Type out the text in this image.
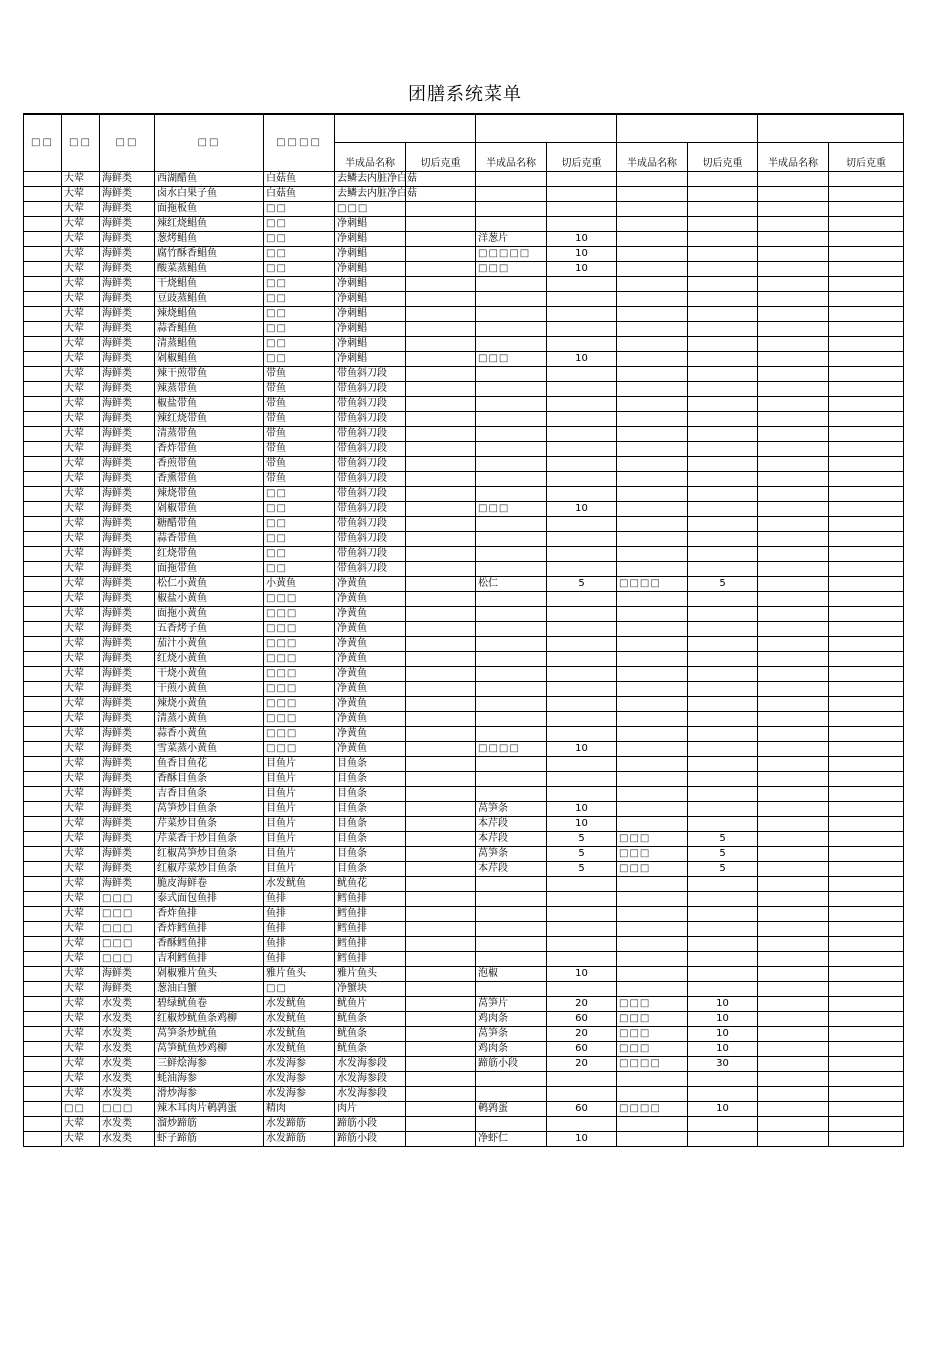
团膳系统菜单
□□	□□	□□	□□	□□□□								
					半成品名称	切后克重	半成品名称	切后克重	半成品名称	切后克重	半成品名称	切后克重
	大荤	海鲜类	西湖醋鱼	白菇鱼	去鳞去内脏净白菇							
	大荤	海鲜类	卤水白果子鱼	白菇鱼	去鳞去内脏净白菇							
	大荤	海鲜类	面拖板鱼	□□	□□□							
	大荤	海鲜类	辣红烧鲳鱼	□□	净刺鲳							
	大荤	海鲜类	葱烤鲳鱼	□□	净刺鲳		洋葱片	10				
	大荤	海鲜类	腐竹酥香鲳鱼	□□	净刺鲳		□□□□□	10				
	大荤	海鲜类	酸菜蒸鲳鱼	□□	净刺鲳		□□□	10				
	大荤	海鲜类	干烧鲳鱼	□□	净刺鲳							
	大荤	海鲜类	豆豉蒸鲳鱼	□□	净刺鲳							
	大荤	海鲜类	辣烧鲳鱼	□□	净刺鲳							
	大荤	海鲜类	蒜香鲳鱼	□□	净刺鲳							
	大荤	海鲜类	清蒸鲳鱼	□□	净刺鲳							
	大荤	海鲜类	剁椒鲳鱼	□□	净刺鲳		□□□	10				
	大荤	海鲜类	辣干煎带鱼	带鱼	带鱼斜刀段							
	大荤	海鲜类	辣蒸带鱼	带鱼	带鱼斜刀段							
	大荤	海鲜类	椒盐带鱼	带鱼	带鱼斜刀段							
	大荤	海鲜类	辣红烧带鱼	带鱼	带鱼斜刀段							
	大荤	海鲜类	清蒸带鱼	带鱼	带鱼斜刀段							
	大荤	海鲜类	香炸带鱼	带鱼	带鱼斜刀段							
	大荤	海鲜类	香煎带鱼	带鱼	带鱼斜刀段							
	大荤	海鲜类	香熏带鱼	带鱼	带鱼斜刀段							
	大荤	海鲜类	辣烧带鱼	□□	带鱼斜刀段							
	大荤	海鲜类	剁椒带鱼	□□	带鱼斜刀段		□□□	10				
	大荤	海鲜类	糖醋带鱼	□□	带鱼斜刀段							
	大荤	海鲜类	蒜香带鱼	□□	带鱼斜刀段							
	大荤	海鲜类	红烧带鱼	□□	带鱼斜刀段							
	大荤	海鲜类	面拖带鱼	□□	带鱼斜刀段							
	大荤	海鲜类	松仁小黄鱼	小黄鱼	净黄鱼		松仁	5	□□□□	5		
	大荤	海鲜类	椒盐小黄鱼	□□□	净黄鱼							
	大荤	海鲜类	面拖小黄鱼	□□□	净黄鱼							
	大荤	海鲜类	五香烤子鱼	□□□	净黄鱼							
	大荤	海鲜类	茄汁小黄鱼	□□□	净黄鱼							
	大荤	海鲜类	红烧小黄鱼	□□□	净黄鱼							
	大荤	海鲜类	干烧小黄鱼	□□□	净黄鱼							
	大荤	海鲜类	干煎小黄鱼	□□□	净黄鱼							
	大荤	海鲜类	辣烧小黄鱼	□□□	净黄鱼							
	大荤	海鲜类	清蒸小黄鱼	□□□	净黄鱼							
	大荤	海鲜类	蒜香小黄鱼	□□□	净黄鱼							
	大荤	海鲜类	雪菜蒸小黄鱼	□□□	净黄鱼		□□□□	10				
	大荤	海鲜类	鱼香目鱼花	目鱼片	目鱼条							
	大荤	海鲜类	香酥目鱼条	目鱼片	目鱼条							
	大荤	海鲜类	吉香目鱼条	目鱼片	目鱼条							
	大荤	海鲜类	莴笋炒目鱼条	目鱼片	目鱼条		莴笋条	10				
	大荤	海鲜类	芹菜炒目鱼条	目鱼片	目鱼条		本芹段	10				
	大荤	海鲜类	芹菜香干炒目鱼条	目鱼片	目鱼条		本芹段	5	□□□	5		
	大荤	海鲜类	红椒莴笋炒目鱼条	目鱼片	目鱼条		莴笋条	5	□□□	5		
	大荤	海鲜类	红椒芹菜炒目鱼条	目鱼片	目鱼条		本芹段	5	□□□	5		
	大荤	海鲜类	脆皮海鲜卷	水发鱿鱼	鱿鱼花							
	大荤	□□□	泰式面包鱼排	鱼排	鳕鱼排							
	大荤	□□□	香炸鱼排	鱼排	鳕鱼排							
	大荤	□□□	香炸鳕鱼排	鱼排	鳕鱼排							
	大荤	□□□	香酥鳕鱼排	鱼排	鳕鱼排							
	大荤	□□□	吉利鳕鱼排	鱼排	鳕鱼排							
	大荤	海鲜类	剁椒雅片鱼头	雅片鱼头	雅片鱼头		泡椒	10				
	大荤	海鲜类	葱油白蟹	□□	净蟹块							
	大荤	水发类	碧绿鱿鱼卷	水发鱿鱼	鱿鱼片		莴笋片	20	□□□	10		
	大荤	水发类	红椒炒鱿鱼条鸡柳	水发鱿鱼	鱿鱼条		鸡肉条	60	□□□	10		
	大荤	水发类	莴笋条炒鱿鱼	水发鱿鱼	鱿鱼条		莴笋条	20	□□□	10		
	大荤	水发类	莴笋鱿鱼炒鸡柳	水发鱿鱼	鱿鱼条		鸡肉条	60	□□□	10		
	大荤	水发类	三鲜烩海参	水发海参	水发海参段		蹄筋小段	20	□□□□	30		
	大荤	水发类	蚝油海参	水发海参	水发海参段							
	大荤	水发类	滑炒海参	水发海参	水发海参段							
	□□	□□□	辣木耳肉片鹌鹑蛋	精肉	肉片		鹌鹑蛋	60	□□□□	10		
	大荤	水发类	溜炒蹄筋	水发蹄筋	蹄筋小段							
	大荤	水发类	虾子蹄筋	水发蹄筋	蹄筋小段		净虾仁	10				
